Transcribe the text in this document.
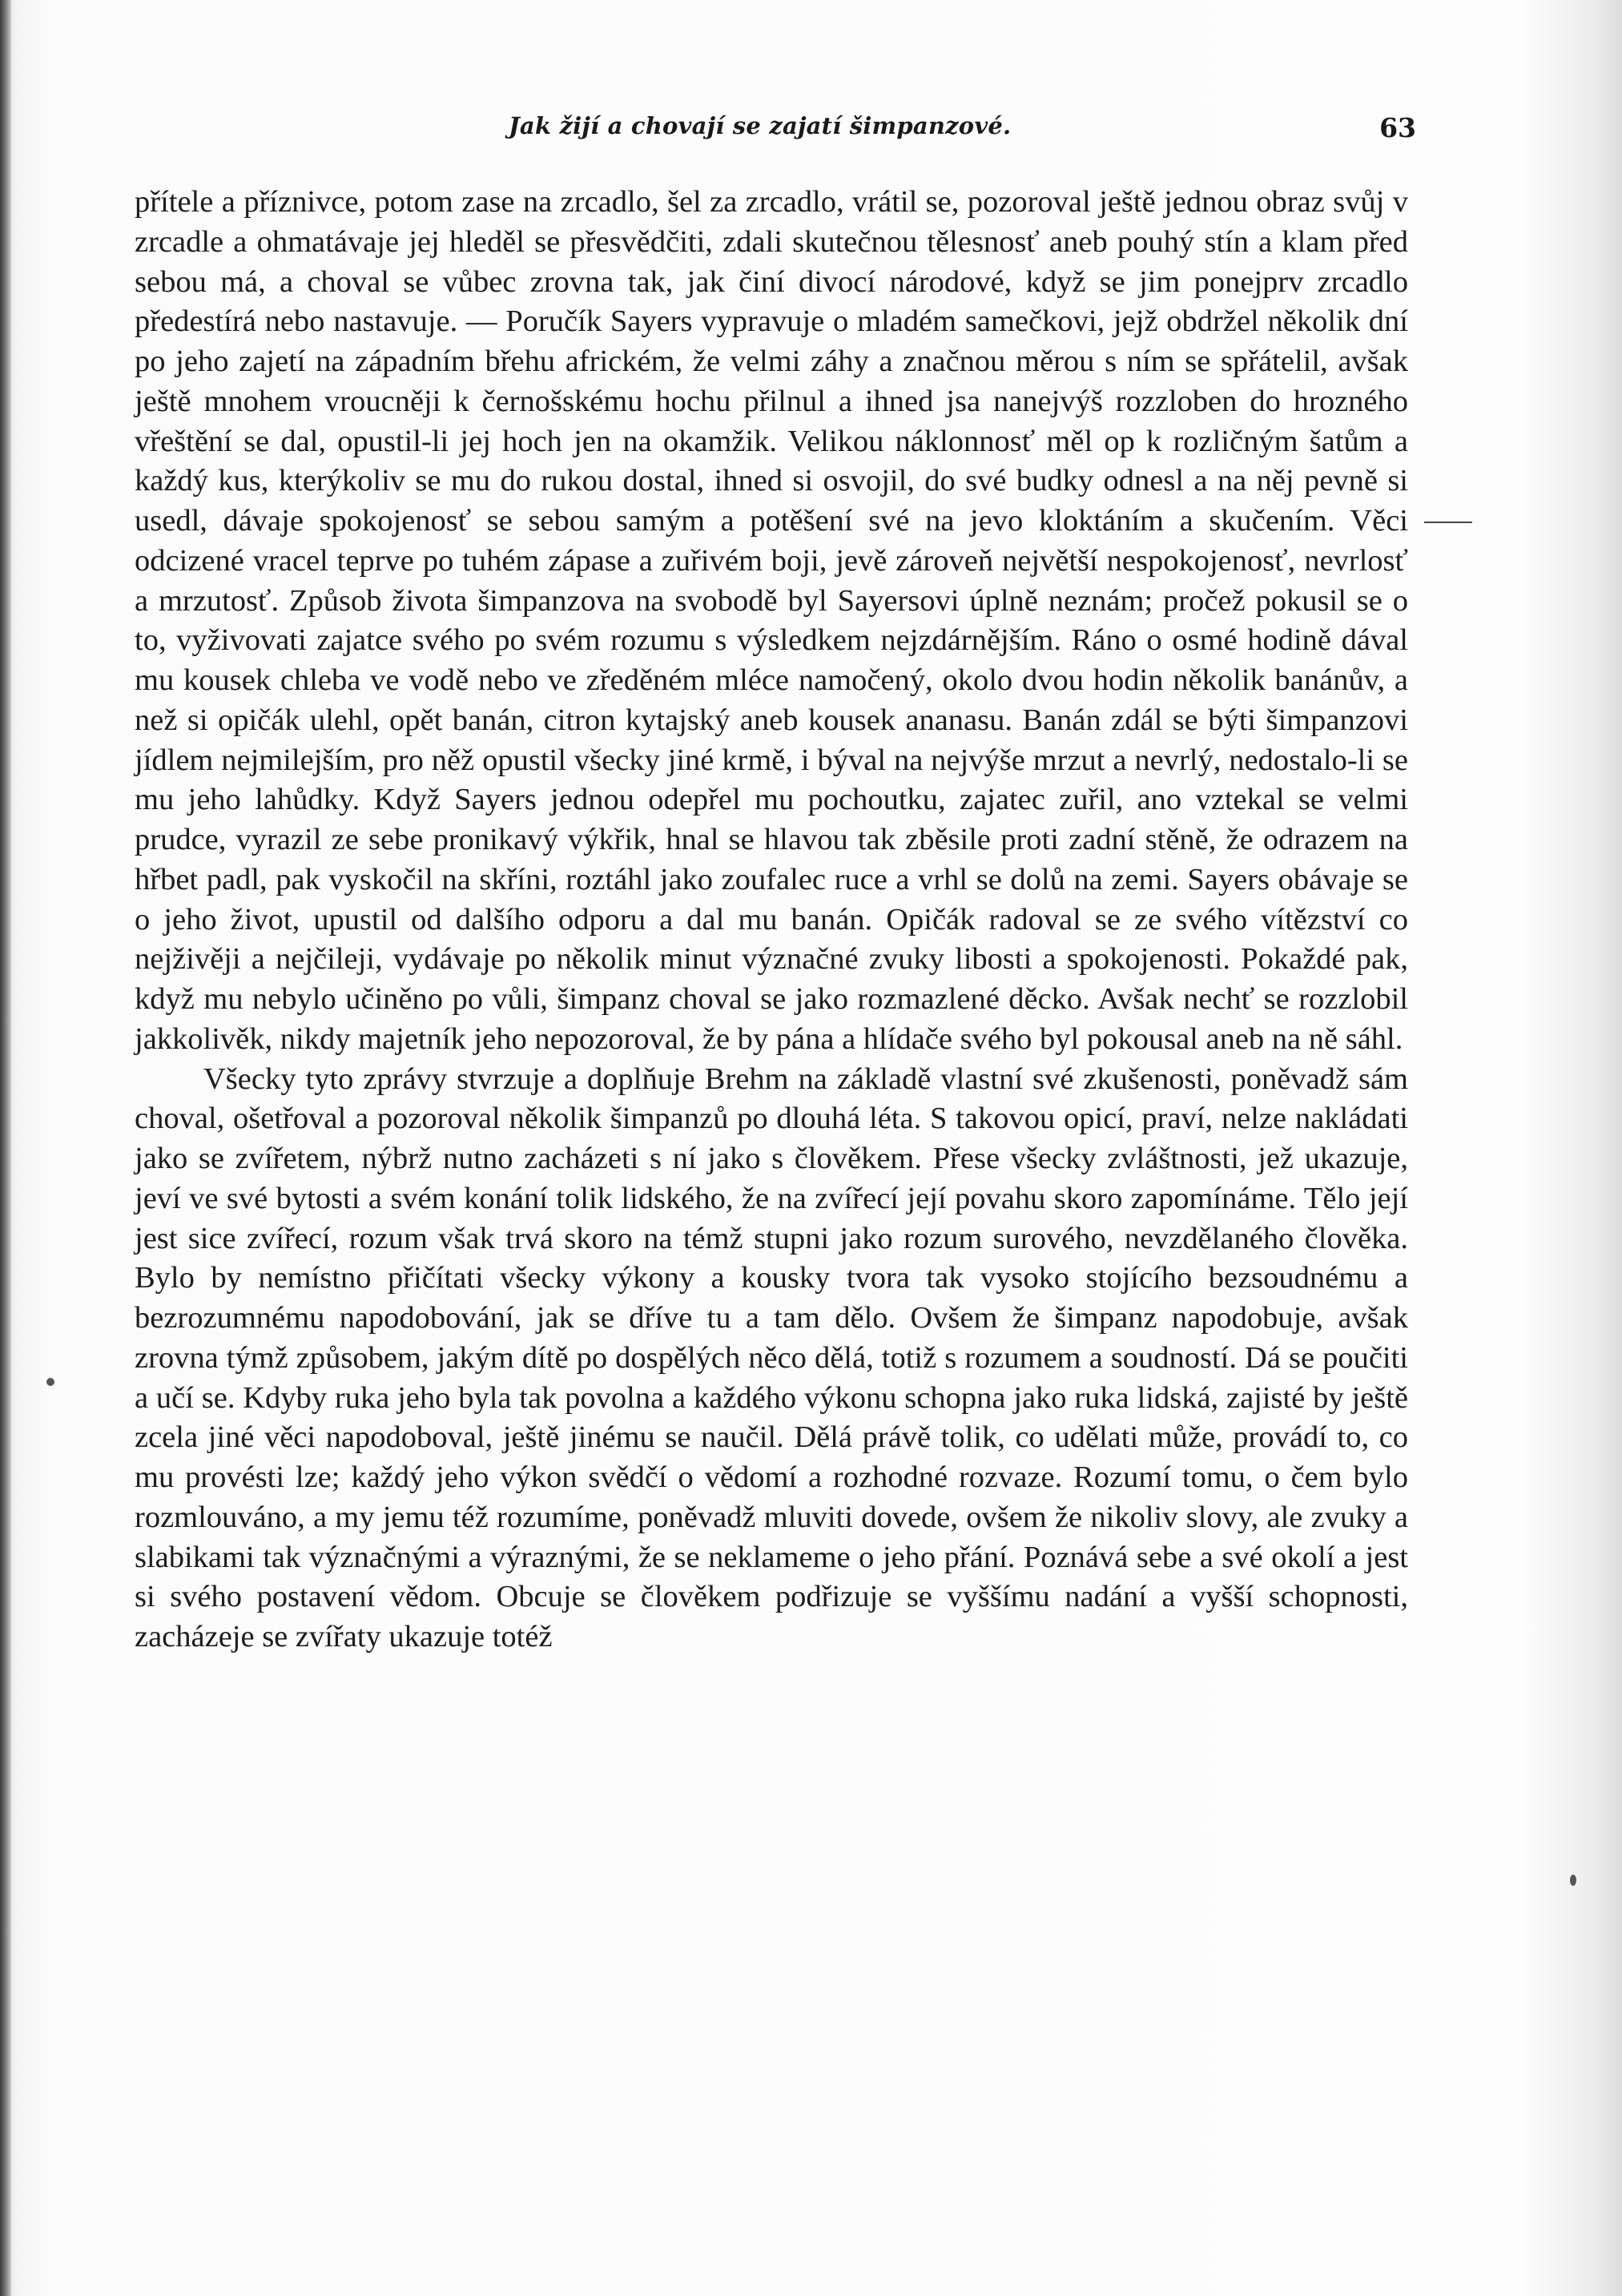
Jak žijí a chovají se zajatí šimpanzové.	63

přítele a příznivce, potom zase na zrcadlo, šel za zrcadlo, vrátil se, pozoroval ještě jednou obraz svůj v zrcadle a ohmatávaje jej hleděl se přesvědčiti, zdali skutečnou tělesnosť aneb pouhý stín a klam před sebou má, a choval se vůbec zrovna tak, jak činí divocí národové, když se jim ponejprv zrcadlo předestírá nebo nastavuje. — Poručík Sayers vypravuje o mladém samečkovi, jejž obdržel několik dní po jeho zajetí na západním břehu africkém, že velmi záhy a značnou měrou s ním se spřátelil, avšak ještě mnohem vroucněji k černošskému hochu přilnul a ihned jsa nanejvýš rozzloben do hrozného vřeštění se dal, opustil-li jej hoch jen na okamžik. Velikou náklonnosť měl op k rozličným šatům a každý kus, kterýkoliv se mu do rukou dostal, ihned si osvojil, do své budky odnesl a na něj pevně si usedl, dávaje spokojenosť se sebou samým a potěšení své na jevo kloktáním a skučením. Věci odcizené vracel teprve po tuhém zápase a zuřivém boji, jevě zároveň největší nespokojenosť, nevrlosť a mrzutosť. Způsob života šimpanzova na svobodě byl Sayersovi úplně neznám; pročež pokusil se o to, vyživovati zajatce svého po svém rozumu s výsledkem nejzdárnějším. Ráno o osmé hodině dával mu kousek chleba ve vodě nebo ve zředěném mléce namočený, okolo dvou hodin několik banánův, a než si opičák ulehl, opět banán, citron kytajský aneb kousek ananasu. Banán zdál se býti šimpanzovi jídlem nejmilejším, pro něž opustil všecky jiné krmě, i býval na nejvýše mrzut a nevrlý, nedostalo-li se mu jeho lahůdky. Když Sayers jednou odepřel mu pochoutku, zajatec zuřil, ano vztekal se velmi prudce, vyrazil ze sebe pronikavý výkřik, hnal se hlavou tak zběsile proti zadní stěně, že odrazem na hřbet padl, pak vyskočil na skříni, roztáhl jako zoufalec ruce a vrhl se dolů na zemi. Sayers obávaje se o jeho život, upustil od dalšího odporu a dal mu banán. Opičák radoval se ze svého vítězství co nejživěji a nejčileji, vydávaje po několik minut význačné zvuky libosti a spokojenosti. Pokaždé pak, když mu nebylo učiněno po vůli, šimpanz choval se jako rozmazlené děcko. Avšak nechť se rozzlobil jakkolivěk, nikdy majetník jeho nepozoroval, že by pána a hlídače svého byl pokousal aneb na ně sáhl.

Všecky tyto zprávy stvrzuje a doplňuje Brehm na základě vlastní své zkušenosti, poněvadž sám choval, ošetřoval a pozoroval několik šimpanzů po dlouhá léta. S takovou opicí, praví, nelze nakládati jako se zvířetem, nýbrž nutno zacházeti s ní jako s člověkem. Přese všecky zvláštnosti, jež ukazuje, jeví ve své bytosti a svém konání tolik lidského, že na zvířecí její povahu skoro zapomínáme. Tělo její jest sice zvířecí, rozum však trvá skoro na témž stupni jako rozum surového, nevzdělaného člověka. Bylo by nemístno přičítati všecky výkony a kousky tvora tak vysoko stojícího bezsoudnému a bezrozumnému napodobování, jak se dříve tu a tam dělo. Ovšem že šimpanz napodobuje, avšak zrovna týmž způsobem, jakým dítě po dospělých něco dělá, totiž s rozumem a soudností. Dá se poučiti a učí se. Kdyby ruka jeho byla tak povolna a každého výkonu schopna jako ruka lidská, zajisté by ještě zcela jiné věci napodoboval, ještě jinému se naučil. Dělá právě tolik, co udělati může, provádí to, co mu provésti lze; každý jeho výkon svědčí o vědomí a rozhodné rozvaze. Rozumí tomu, o čem bylo rozmlouváno, a my jemu též rozumíme, poněvadž mluviti dovede, ovšem že nikoliv slovy, ale zvuky a slabikami tak význačnými a výraznými, že se neklameme o jeho přání. Poznává sebe a své okolí a jest si svého postavení vědom. Obcuje se člověkem podřizuje se vyššímu nadání a vyšší schopnosti, zacházeje se zvířaty ukazuje totéž
